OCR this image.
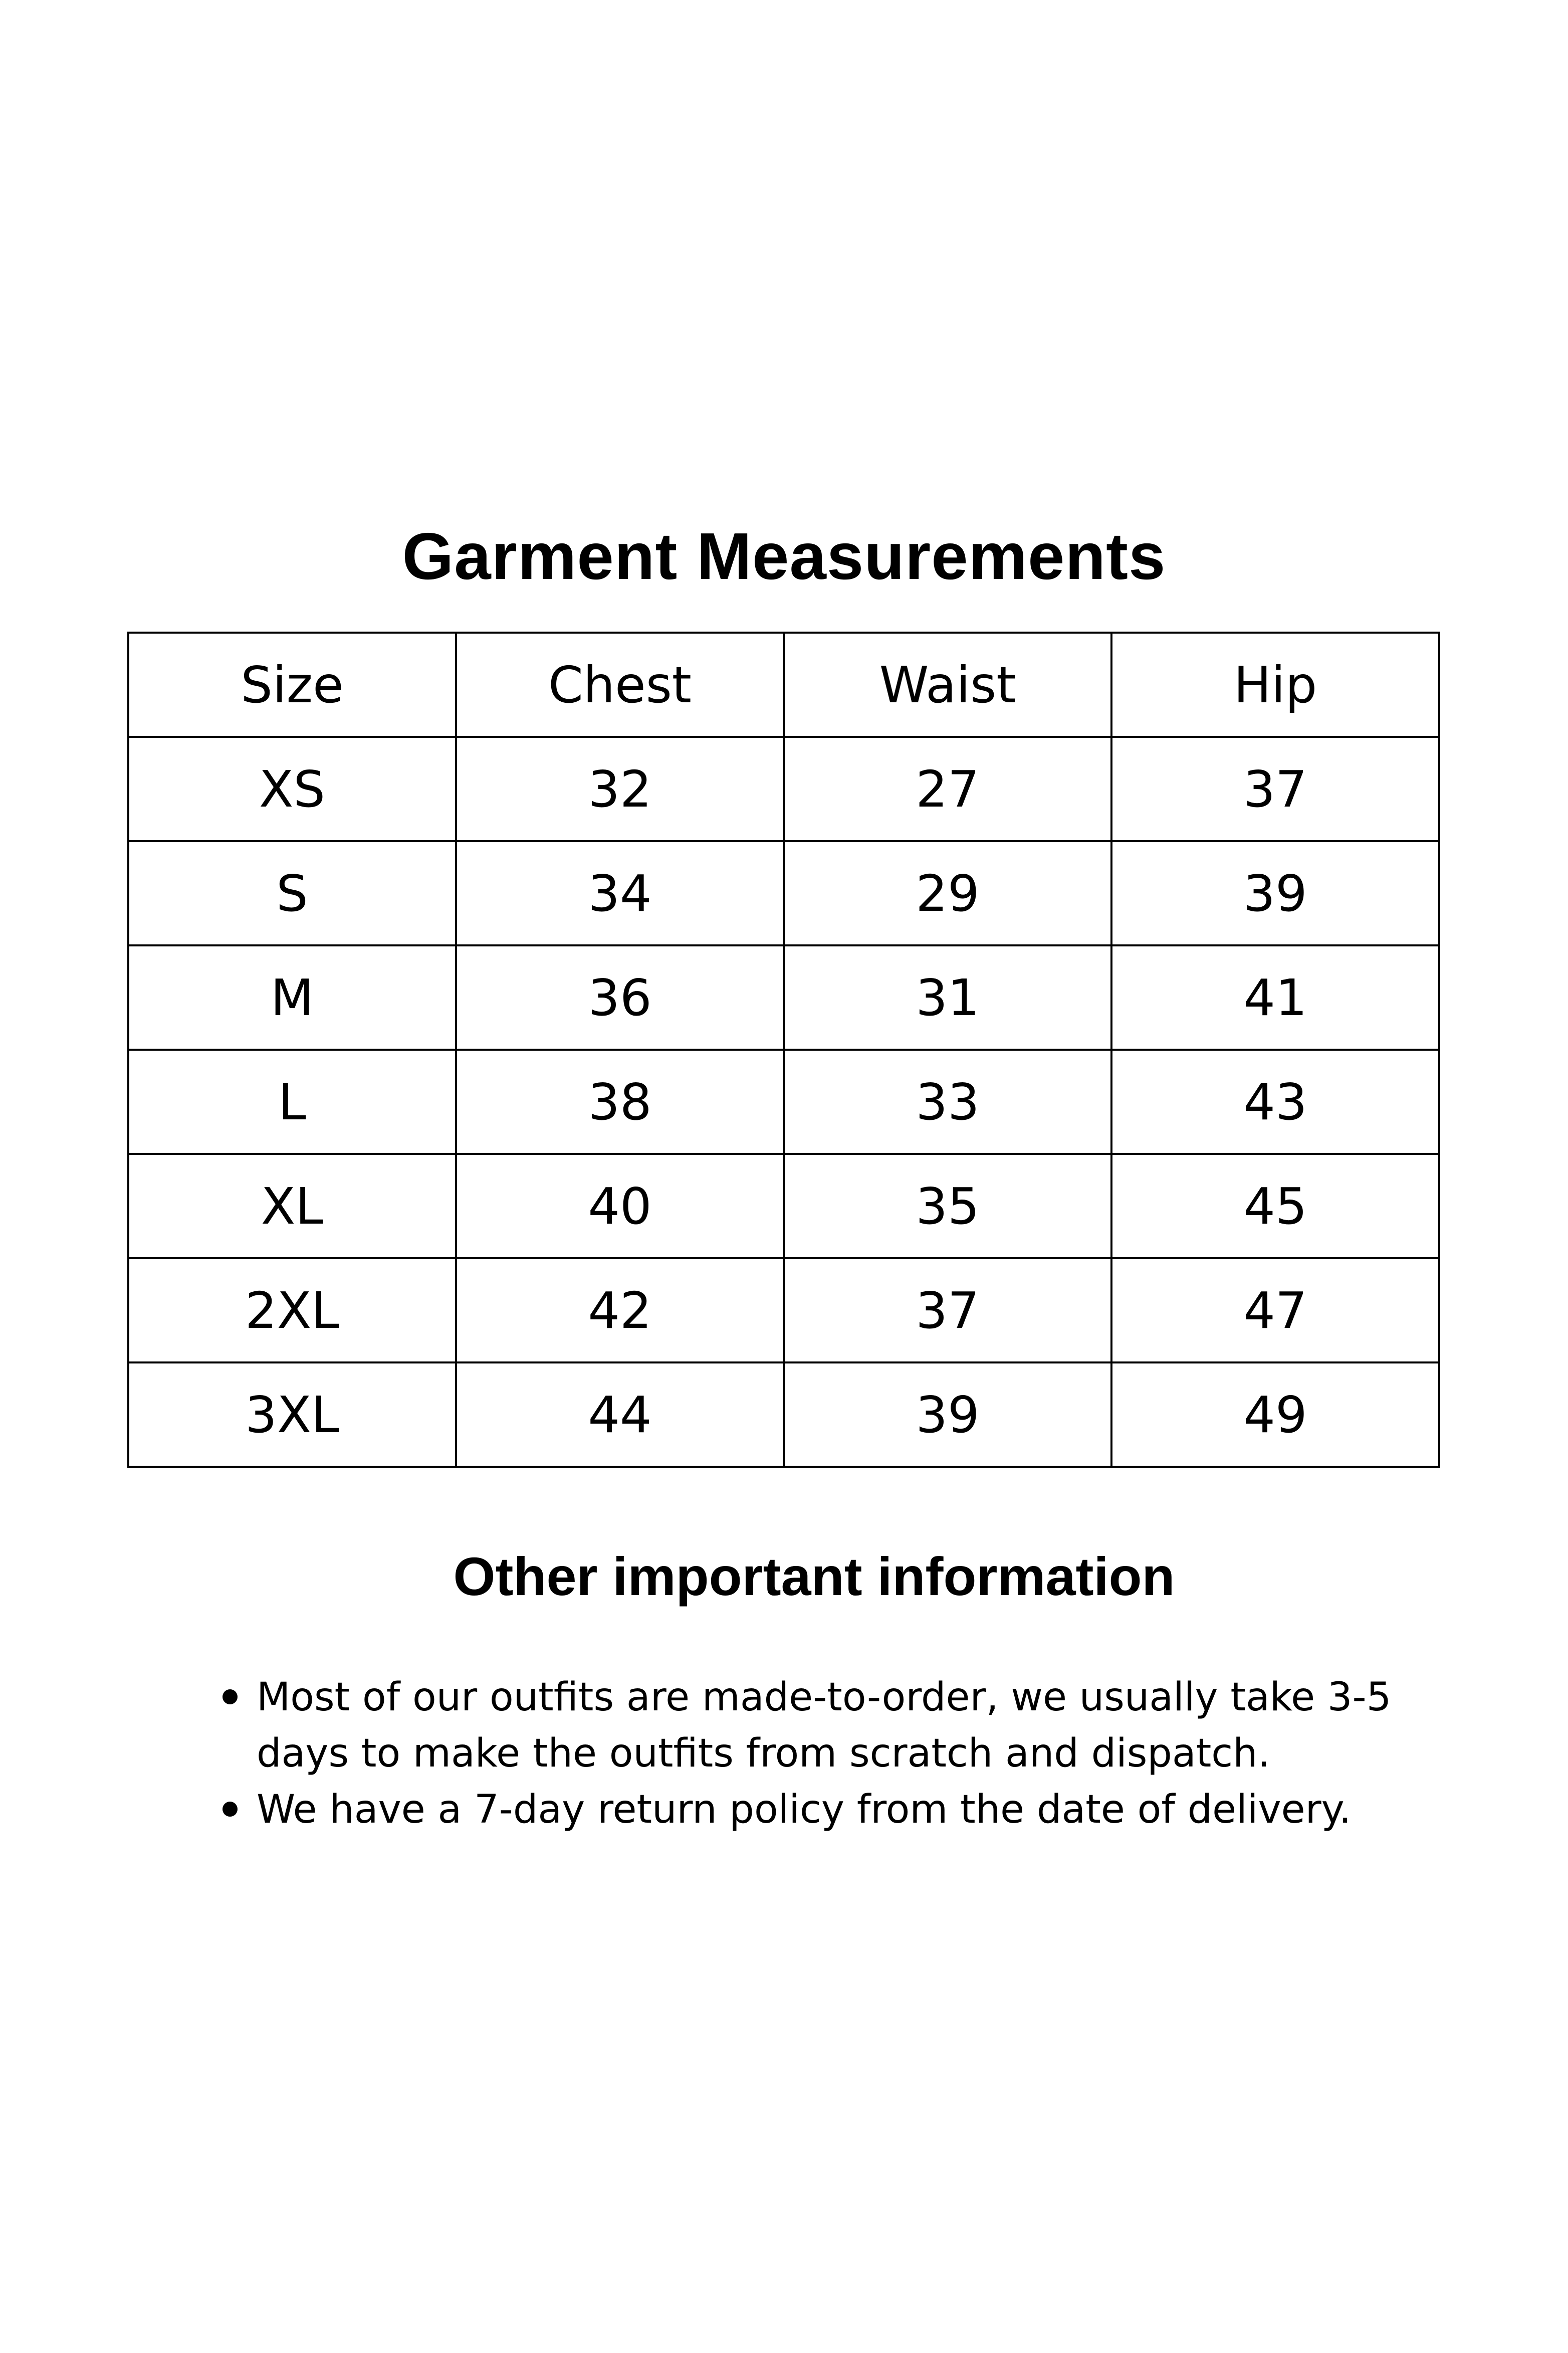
Garment Measurements
Size	Chest	Waist	Hip
XS	32	27	37
S	34	29	39
M	36	31	41
L	38	33	43
XL	40	35	45
2XL	42	37	47
3XL	44	39	49
Other important information
Most of our outfits are made-to-order, we usually take 3-5 days to make the outfits from scratch and dispatch.
We have a 7-day return policy from the date of delivery.
